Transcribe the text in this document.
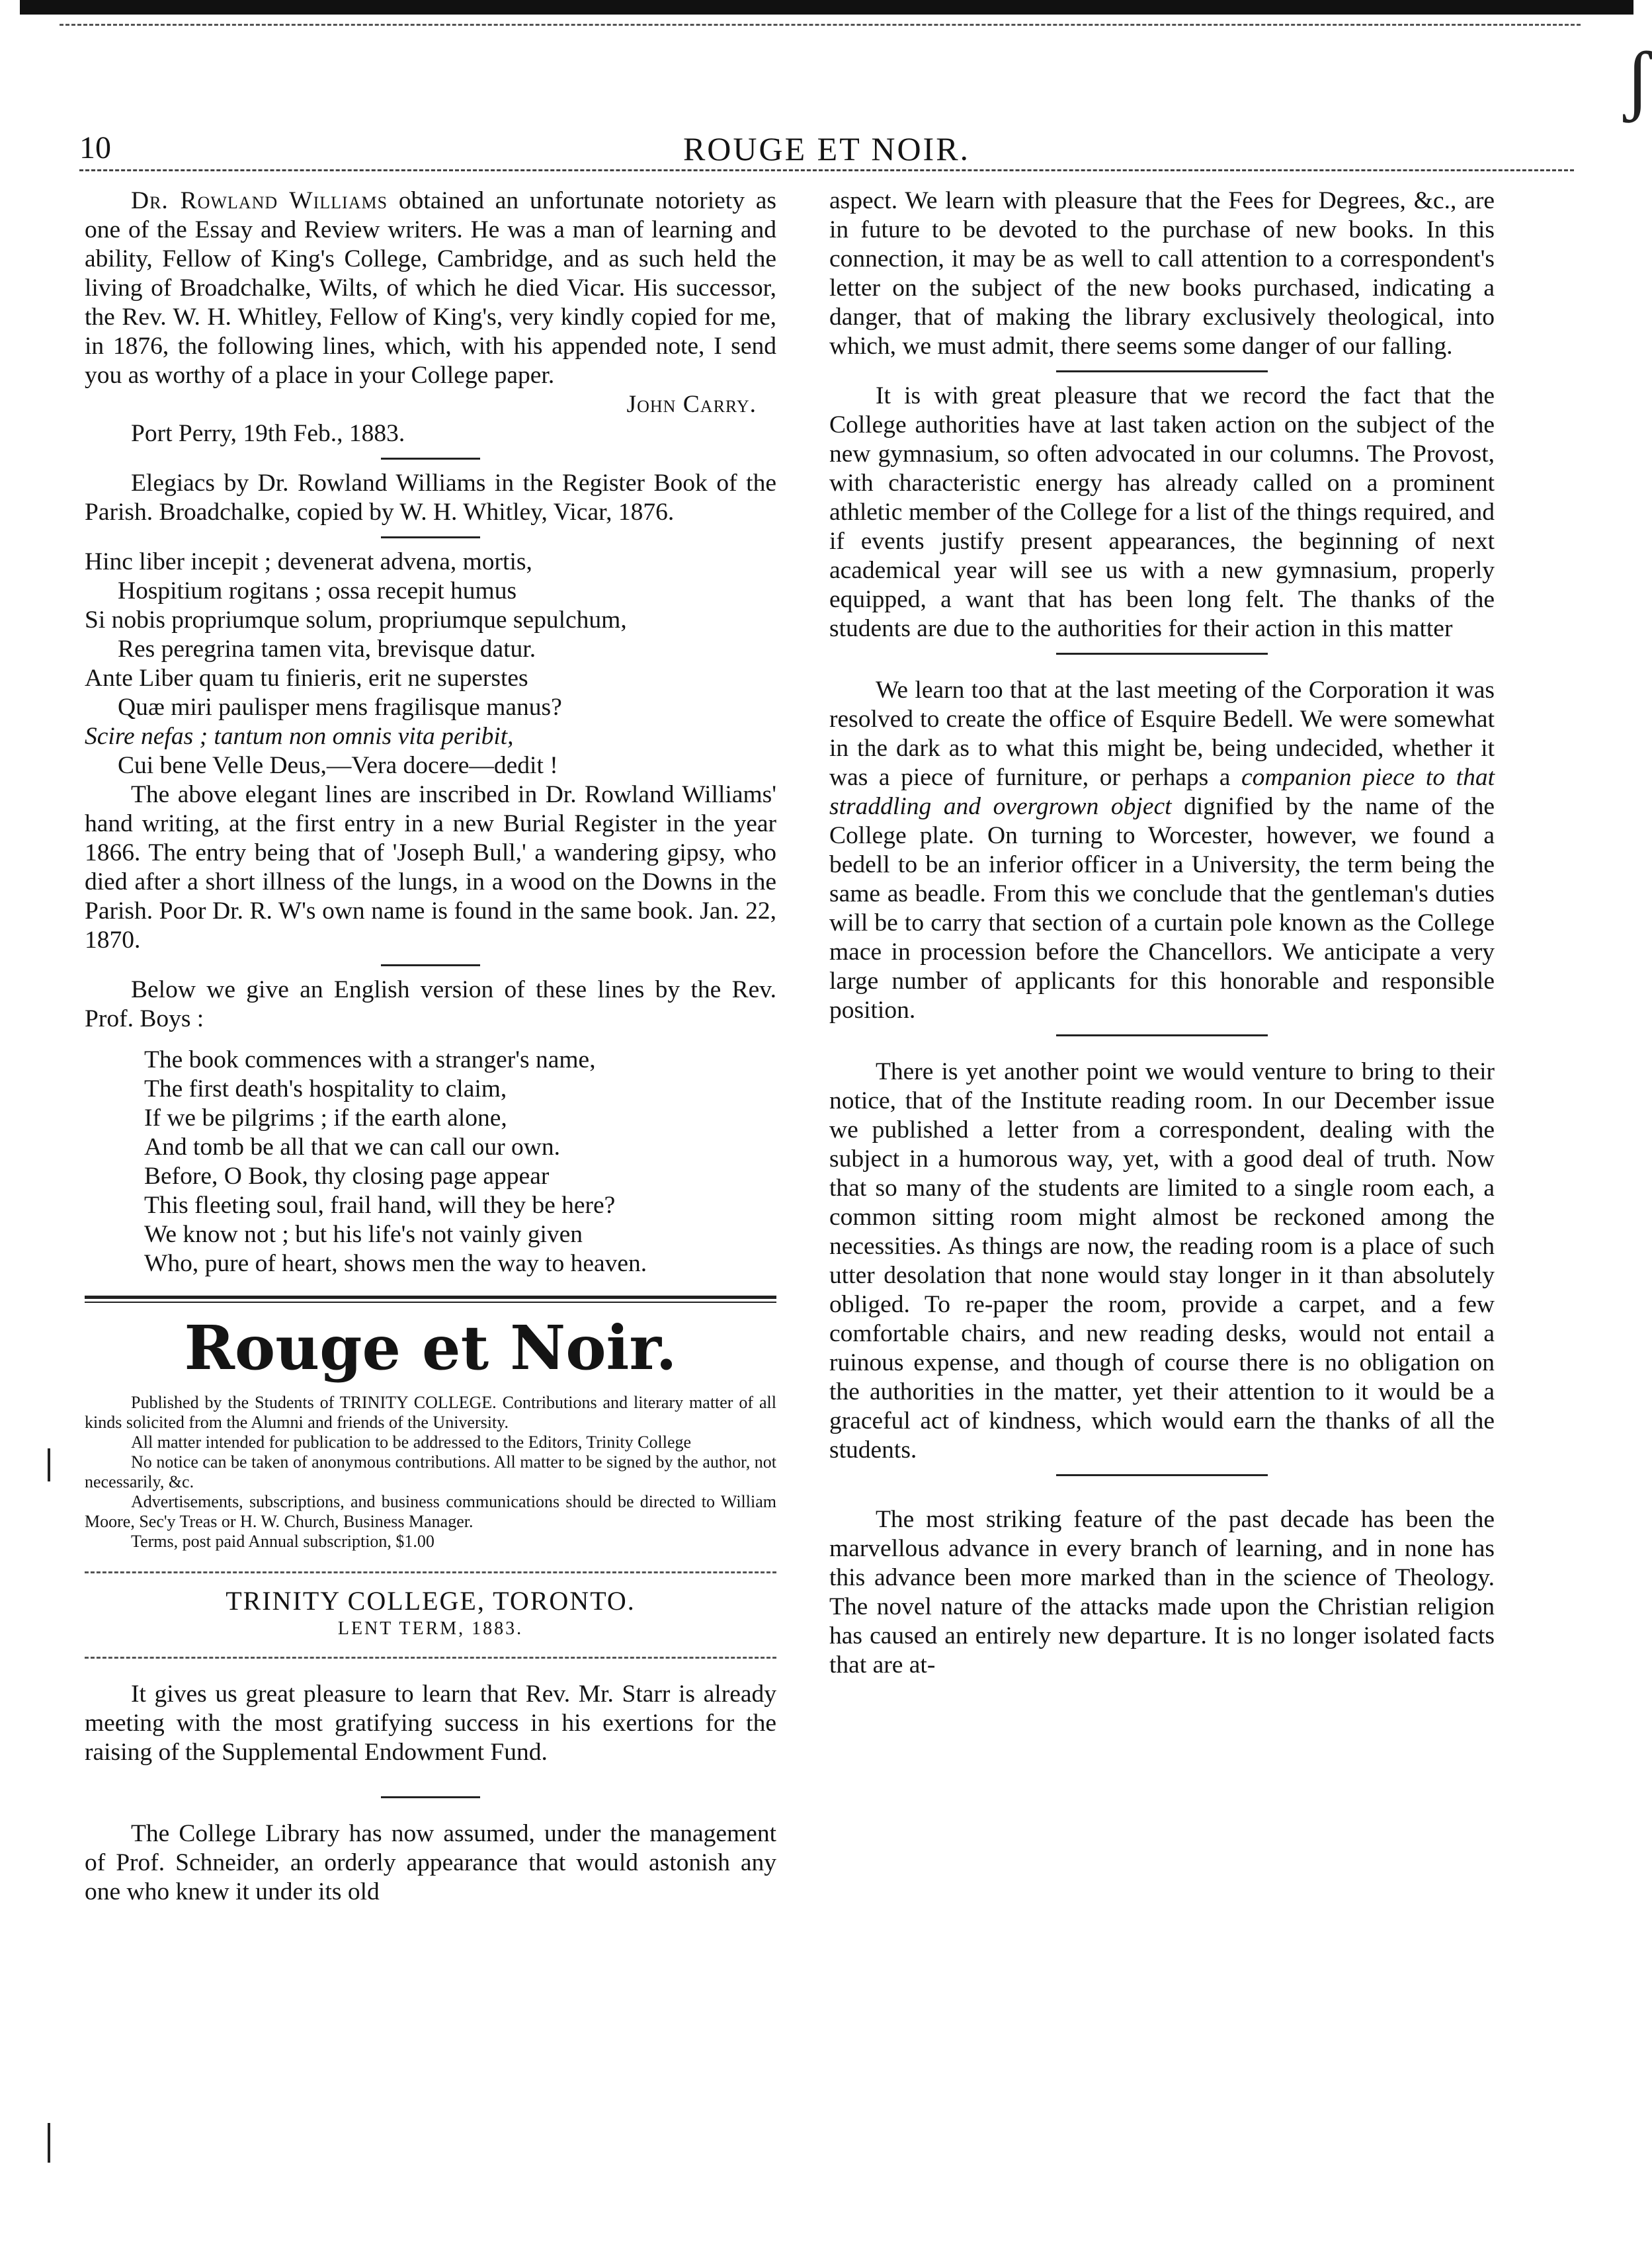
ʃ
10	ROUGE ET NOIR.

Dr. Rowland Williams obtained an unfortunate notoriety as one of the Essay and Review writers. He was a man of learning and ability, Fellow of King's College, Cambridge, and as such held the living of Broadchalke, Wilts, of which he died Vicar. His successor, the Rev. W. H. Whitley, Fellow of King's, very kindly copied for me, in 1876, the following lines, which, with his appended note, I send you as worthy of a place in your College paper.

John Carry.

Port Perry, 19th Feb., 1883.

Elegiacs by Dr. Rowland Williams in the Register Book of the Parish. Broadchalke, copied by W. H. Whitley, Vicar, 1876.

Hinc liber incepit ; devenerat advena, mortis,
Hospitium rogitans ; ossa recepit humus
Si nobis propriumque solum, propriumque sepulchum,
Res peregrina tamen vita, brevisque datur.
Ante Liber quam tu finieris, erit ne superstes
Quæ miri paulisper mens fragilisque manus?
Scire nefas ; tantum non omnis vita peribit,
Cui bene Velle Deus,—Vera docere—dedit !

The above elegant lines are inscribed in Dr. Rowland Williams' hand writing, at the first entry in a new Burial Register in the year 1866. The entry being that of 'Joseph Bull,' a wandering gipsy, who died after a short illness of the lungs, in a wood on the Downs in the Parish. Poor Dr. R. W's own name is found in the same book. Jan. 22, 1870.

Below we give an English version of these lines by the Rev. Prof. Boys :

The book commences with a stranger's name,
The first death's hospitality to claim,
If we be pilgrims ; if the earth alone,
And tomb be all that we can call our own.
Before, O Book, thy closing page appear
This fleeting soul, frail hand, will they be here?
We know not ; but his life's not vainly given
Who, pure of heart, shows men the way to heaven.
Rouge et Noir.

Published by the Students of TRINITY COLLEGE. Contributions and literary matter of all kinds solicited from the Alumni and friends of the University.

All matter intended for publication to be addressed to the Editors, Trinity College

No notice can be taken of anonymous contributions. All matter to be signed by the author, not necessarily, &c.

Advertisements, subscriptions, and business communications should be directed to William Moore, Sec'y Treas or H. W. Church, Business Manager.

Terms, post paid Annual subscription, $1.00

TRINITY COLLEGE, TORONTO.
LENT TERM, 1883.

It gives us great pleasure to learn that Rev. Mr. Starr is already meeting with the most gratifying success in his exertions for the raising of the Supplemental Endowment Fund.

The College Library has now assumed, under the management of Prof. Schneider, an orderly appearance that would astonish any one who knew it under its old

aspect. We learn with pleasure that the Fees for Degrees, &c., are in future to be devoted to the purchase of new books. In this connection, it may be as well to call attention to a correspondent's letter on the subject of the new books purchased, indicating a danger, that of making the library exclusively theological, into which, we must admit, there seems some danger of our falling.

It is with great pleasure that we record the fact that the College authorities have at last taken action on the subject of the new gymnasium, so often advocated in our columns. The Provost, with characteristic energy has already called on a prominent athletic member of the College for a list of the things required, and if events justify present appearances, the beginning of next academical year will see us with a new gymnasium, properly equipped, a want that has been long felt. The thanks of the students are due to the authorities for their action in this matter

We learn too that at the last meeting of the Corporation it was resolved to create the office of Esquire Bedell. We were somewhat in the dark as to what this might be, being undecided, whether it was a piece of furniture, or perhaps a companion piece to that straddling and overgrown object dignified by the name of the College plate. On turning to Worcester, however, we found a bedell to be an inferior officer in a University, the term being the same as beadle. From this we conclude that the gentleman's duties will be to carry that section of a curtain pole known as the College mace in procession before the Chancellors. We anticipate a very large number of applicants for this honorable and responsible position.

There is yet another point we would venture to bring to their notice, that of the Institute reading room. In our December issue we published a letter from a correspondent, dealing with the subject in a humorous way, yet, with a good deal of truth. Now that so many of the students are limited to a single room each, a common sitting room might almost be reckoned among the necessities. As things are now, the reading room is a place of such utter desolation that none would stay longer in it than absolutely obliged. To re-paper the room, provide a carpet, and a few comfortable chairs, and new reading desks, would not entail a ruinous expense, and though of course there is no obligation on the authorities in the matter, yet their attention to it would be a graceful act of kindness, which would earn the thanks of all the students.

The most striking feature of the past decade has been the marvellous advance in every branch of learning, and in none has this advance been more marked than in the science of Theology. The novel nature of the attacks made upon the Christian religion has caused an entirely new departure. It is no longer isolated facts that are at-
